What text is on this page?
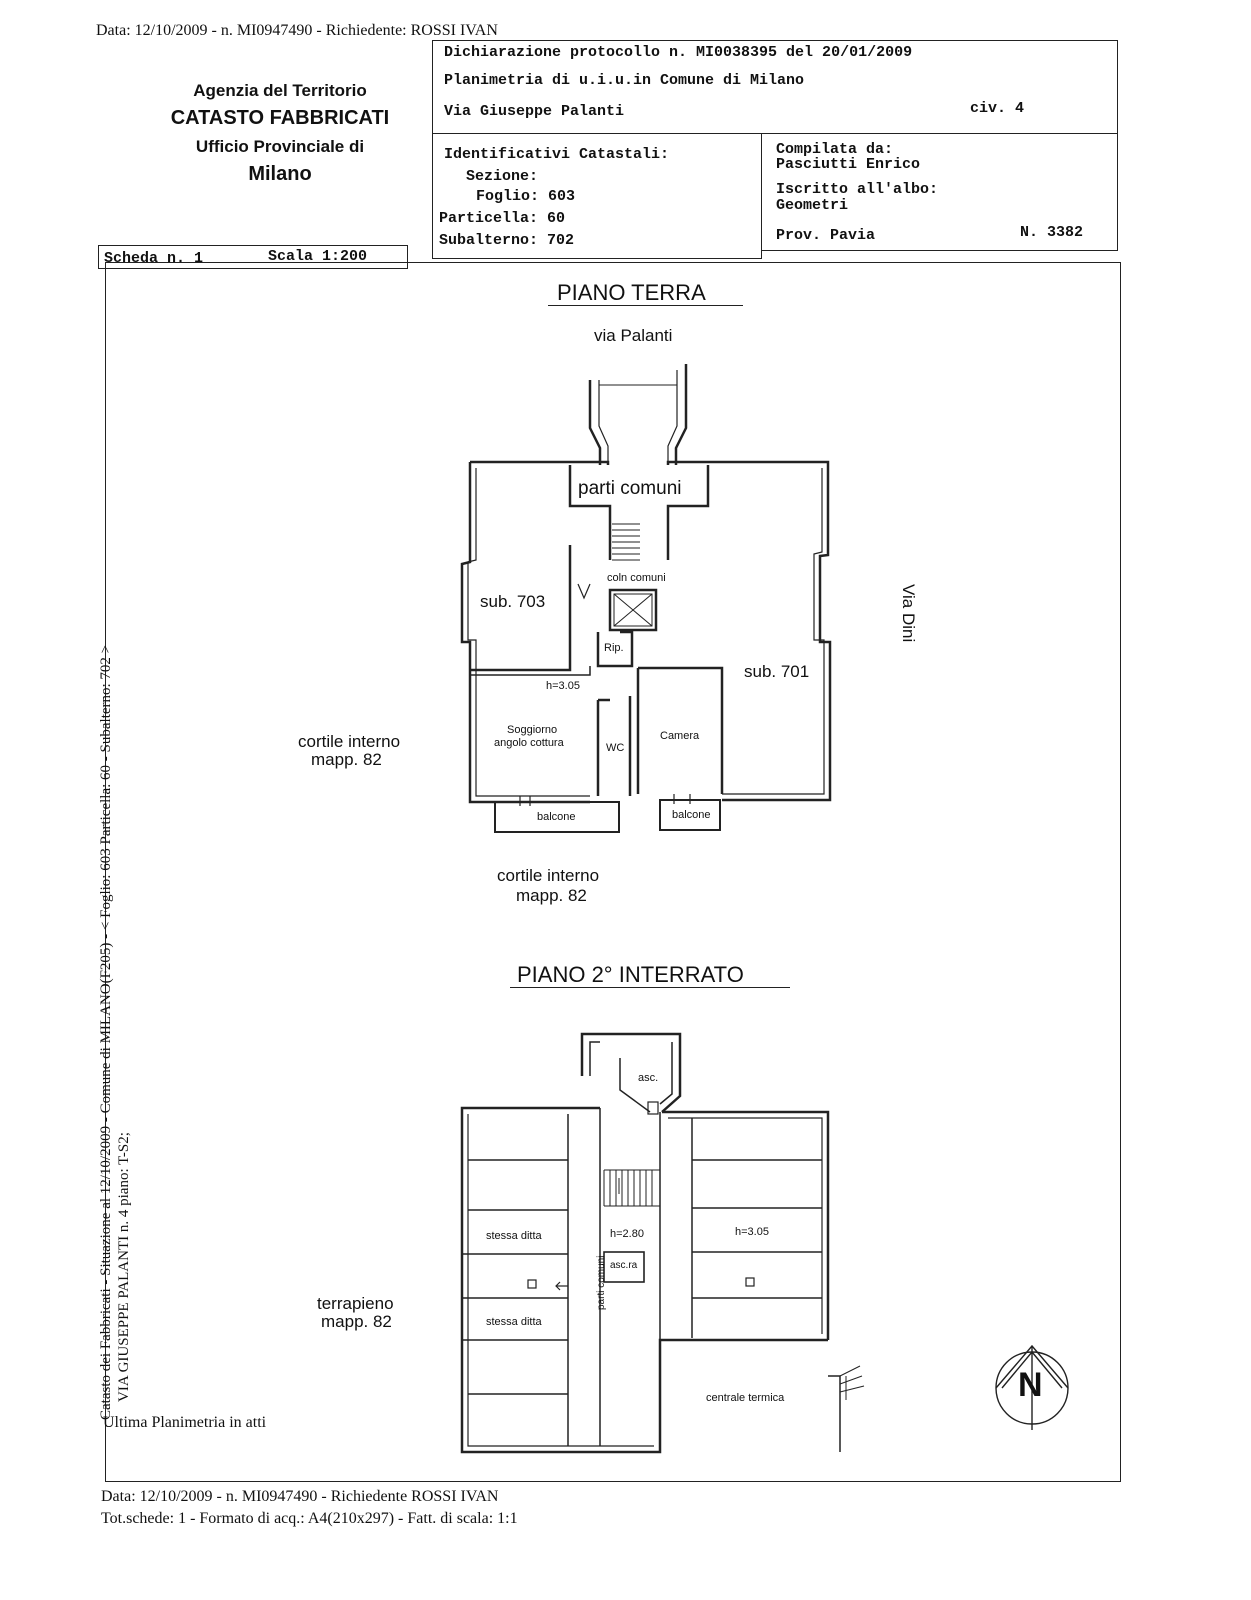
Data: 12/10/2009 - n. MI0947490 - Richiedente: ROSSI IVAN
Agenzia del Territorio
CATASTO FABBRICATI
Ufficio Provinciale di
Milano
Dichiarazione protocollo n. MI0038395 del 20/01/2009
Planimetria di u.i.u.in Comune di Milano
Via Giuseppe Palanti	civ. 4
Identificativi Catastali:
Sezione:
Foglio: 603
Particella: 60
Subalterno: 702
Compilata da:
Pasciutti Enrico
Iscritto all'albo:
Geometri
Prov. Pavia	N. 3382
Scheda n. 1	Scala 1:200
Catasto dei Fabbricati - Situazione al 12/10/2009 - Comune di MILANO(F205) - < Foglio: 603 Particella: 60 - Subalterno: 702 > VIA GIUSEPPE PALANTI n. 4 piano: T-S2;
PIANO TERRA
via Palanti
Via Dini
parti comuni
coln comuni
sub. 703
sub. 701
Rip.
h=3.05
Soggiorno
angolo cottura	WC
Camera
balcone	balcone
cortile interno
mapp. 82
cortile interno
mapp. 82
PIANO 2° INTERRATO
asc.
stessa ditta
stessa ditta
h=2.80	h=3.05
asc.ra
parti comuni
centrale termica
terrapieno
mapp. 82
N
Ultima Planimetria in atti
Data: 12/10/2009 - n. MI0947490 - Richiedente ROSSI IVAN
Tot.schede: 1 - Formato di acq.: A4(210x297) - Fatt. di scala: 1:1
